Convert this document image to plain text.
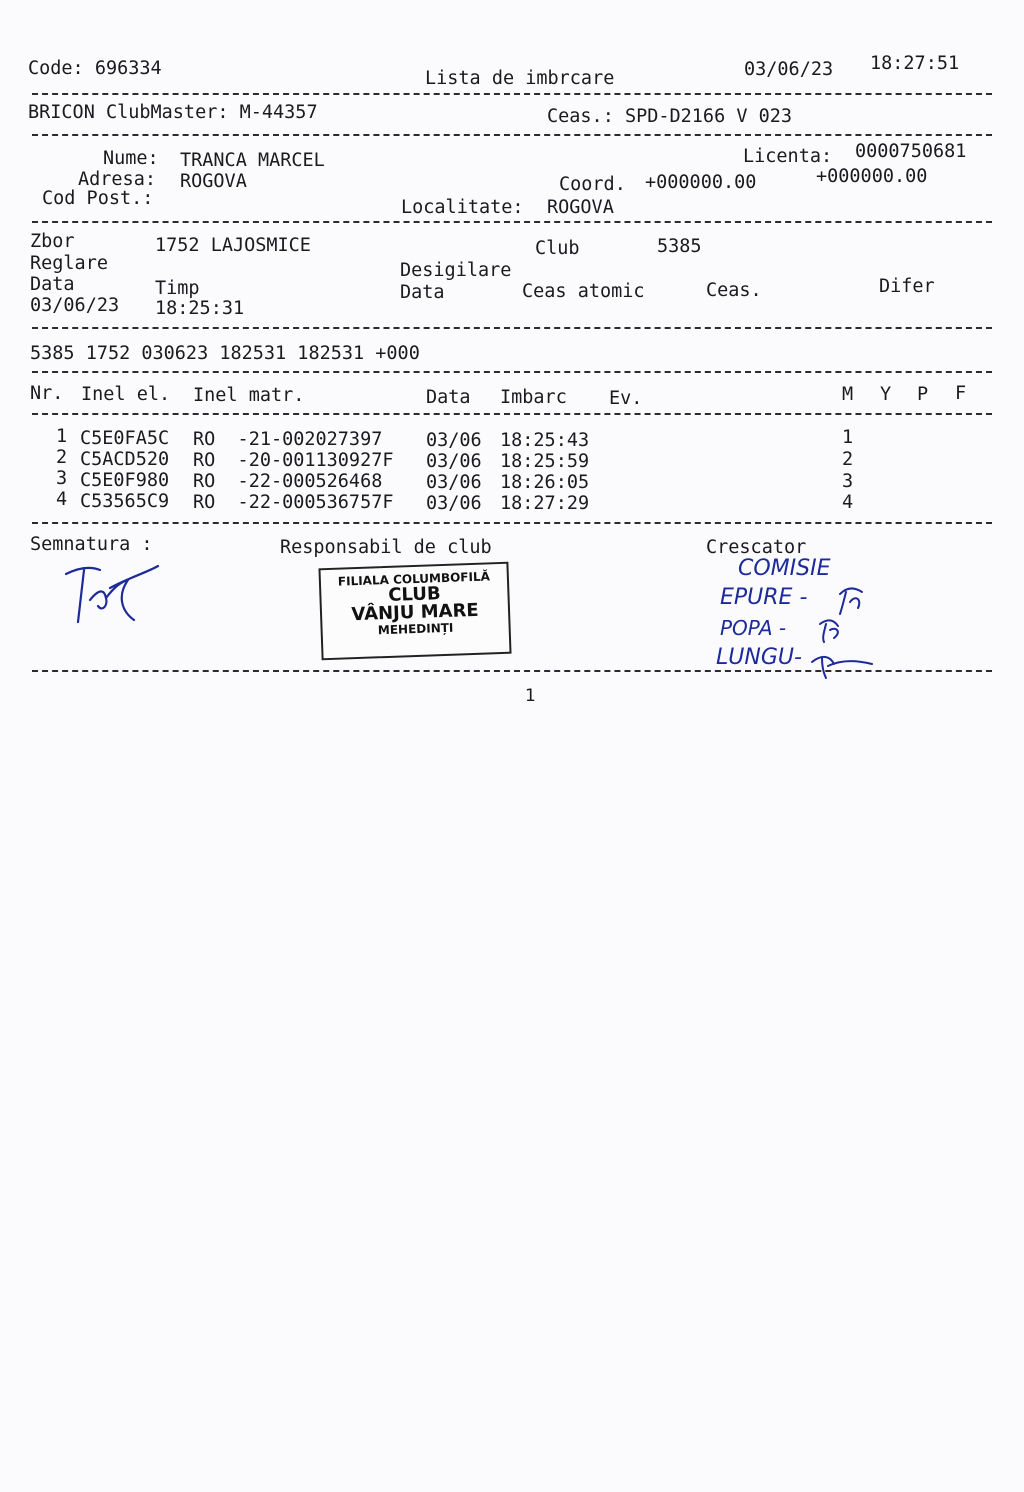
Code: 696334	Lista de imbrcare	03/06/23 18:27:51
BRICON ClubMaster: M-44357	Ceas.: SPD-D2166 V 023
Nume: TRANCA MARCEL
Adresa: ROGOVA
Cod Post.:
Licenta: 0000750681
Coord. +000000.00	+000000.00
Localitate: ROGOVA
Zbor	1752 LAJOSMICE	Club	5385
Reglare
Data	Timp
03/06/23 18:25:31
Desigilare
Data	Ceas atomic	Ceas.	Difer
5385 1752 030623 182531 182531 +000
Nr. Inel el. Inel matr.	Data Imbarc Ev.	M Y P F
1 C5E0FA5C RO  -21-002027397 03/06 18:25:43	1
2 C5ACD520 RO  -20-001130927F 03/06 18:25:59	2
3 C5E0F980 RO  -22-000526468 03/06 18:26:05	3
4 C53565C9 RO  -22-000536757F 03/06 18:27:29	4
Semnatura :	Responsabil de club	Crescator
FILIALA COLUMBOFILĂ
CLUB
VÂNJU MARE
MEHEDINȚI
COMISIE
EPURE -
POPA -
LUNGU-
1
